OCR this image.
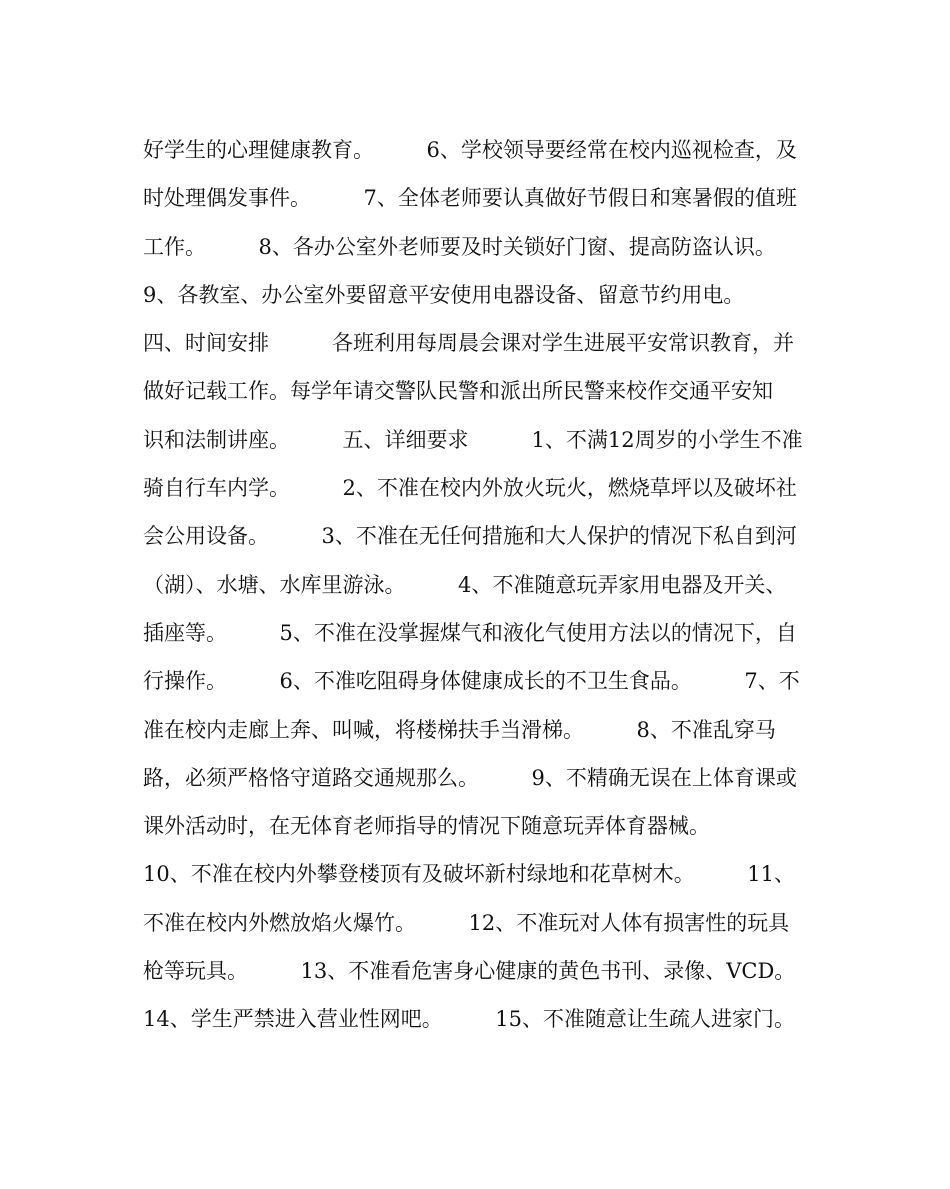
好学生的心理健康教育。　　　6、学校领导要经常在校内巡视检查，及
时处理偶发事件。　　　7、全体老师要认真做好节假日和寒暑假的值班
工作。　　　8、各办公室外老师要及时关锁好门窗、提高防盗认识。
9、各教室、办公室外要留意平安使用电器设备、留意节约用电。
四、时间安排　　　各班利用每周晨会课对学生进展平安常识教育，并
做好记载工作。每学年请交警队民警和派出所民警来校作交通平安知
识和法制讲座。　　　五、详细要求　　　1、不满12周岁的小学生不准
骑自行车内学。　　　2、不准在校内外放火玩火，燃烧草坪以及破坏社
会公用设备。　　　3、不准在无任何措施和大人保护的情况下私自到河
（湖）、水塘、水库里游泳。　　　4、不准随意玩弄家用电器及开关、
插座等。　　　5、不准在没掌握煤气和液化气使用方法以的情况下，自
行操作。　　　6、不准吃阻碍身体健康成长的不卫生食品。　　　7、不
准在校内走廊上奔、叫喊，将楼梯扶手当滑梯。　　　8、不准乱穿马
路，必须严格恪守道路交通规那么。　　　9、不精确无误在上体育课或
课外活动时，在无体育老师指导的情况下随意玩弄体育器械。
10、不准在校内外攀登楼顶有及破坏新村绿地和花草树木。　　　11、
不准在校内外燃放焰火爆竹。　　　12、不准玩对人体有损害性的玩具
枪等玩具。　　　13、不准看危害身心健康的黄色书刊、录像、VCD。
14、学生严禁进入营业性网吧。　　　15、不准随意让生疏人进家门。
